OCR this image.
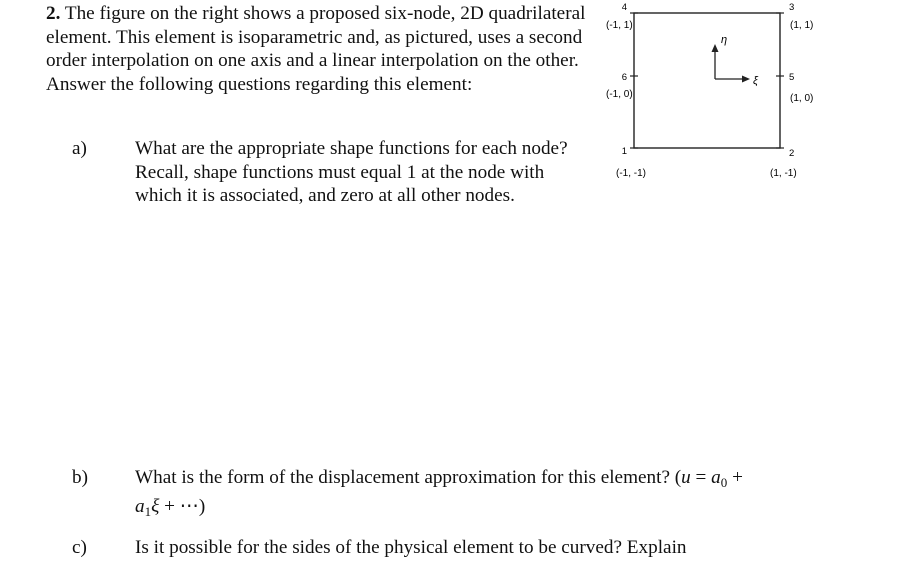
2. The figure on the right shows a proposed six-node, 2D quadrilateral element. This element is isoparametric and, as pictured, uses a second order interpolation on one axis and a linear interpolation on the other. Answer the following questions regarding this element:
a)	What are the appropriate shape functions for each node? Recall, shape functions must equal 1 at the node with which it is associated, and zero at all other nodes.
b) What is the form of the displacement approximation for this element? ($u = a_0$ +
$a_1\xi$ + ⋯)
c)	Is it possible for the sides of the physical element to be curved? Explain
4
6
1
3
5
2
(-1, 1)
(-1, 0)
(-1, -1)
(1, 1)
(1, 0)
(1, -1)
ξ
η
